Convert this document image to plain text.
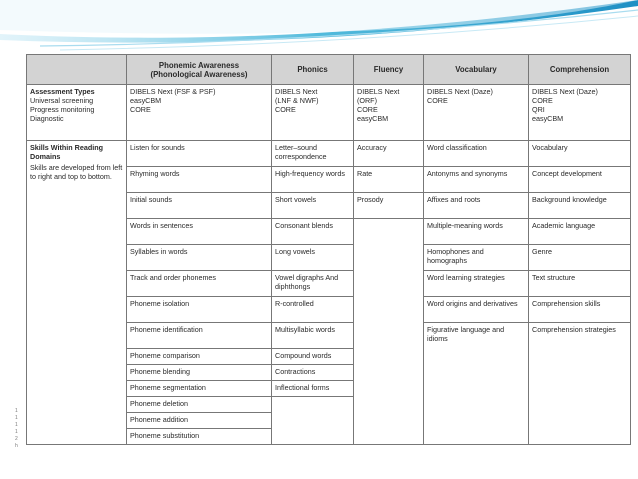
1
1
1
1
2
h

	Phonemic Awareness
(Phonological Awareness)	Phonics	Fluency	Vocabulary	Comprehension

Assessment Types
Universal screening
Progress monitoring
Diagnostic	DIBELS Next (FSF & PSF)
easyCBM
CORE	DIBELS Next
(LNF & NWF)
CORE	DIBELS Next
(ORF)
CORE
easyCBM	DIBELS Next (Daze)
CORE	DIBELS Next (Daze)
CORE
QRI
easyCBM

Skills Within Reading Domains
Skills are developed from left to right and top to bottom.	Listen for sounds	Letter–sound correspondence	Accuracy	Word classification	Vocabulary
	Rhyming words	High-frequency words	Rate	Antonyms and synonyms	Concept development
	Initial sounds	Short vowels	Prosody	Affixes and roots	Background knowledge
	Words in sentences	Consonant blends		Multiple-meaning words	Academic language
	Syllables in words	Long vowels		Homophones and homographs	Genre
	Track and order phonemes	Vowel digraphs And diphthongs		Word learning strategies	Text structure
	Phoneme isolation	R-controlled		Word origins and derivatives	Comprehension skills
	Phoneme identification	Multisyllabic words		Figurative language and idioms	Comprehension strategies
	Phoneme comparison	Compound words			
	Phoneme blending	Contractions			
	Phoneme segmentation	Inflectional forms			
	Phoneme deletion				
	Phoneme addition				
	Phoneme substitution				
